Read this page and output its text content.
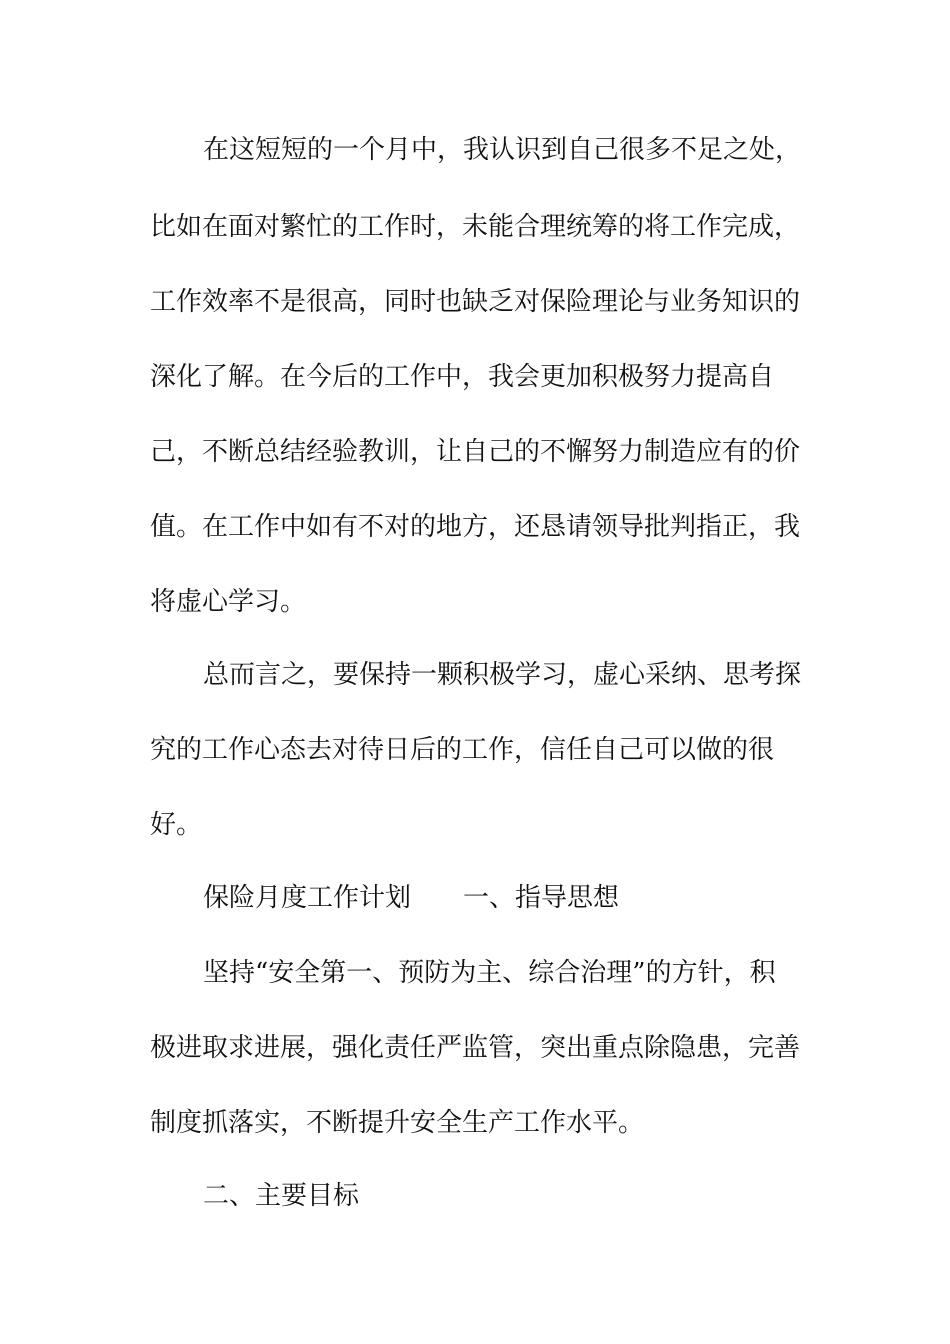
在这短短的一个月中，我认识到自己很多不足之处，
比如在面对繁忙的工作时，未能合理统筹的将工作完成，
工作效率不是很高，同时也缺乏对保险理论与业务知识的
深化了解。在今后的工作中，我会更加积极努力提高自
己，不断总结经验教训，让自己的不懈努力制造应有的价
值。在工作中如有不对的地方，还恳请领导批判指正，我
将虚心学习。
总而言之，要保持一颗积极学习，虚心采纳、思考探
究的工作心态去对待日后的工作，信任自己可以做的很
好。
保险月度工作计划 一、指导思想
坚持“安全第一、预防为主、综合治理”的方针，积
极进取求进展，强化责任严监管，突出重点除隐患，完善
制度抓落实，不断提升安全生产工作水平。
二、主要目标
